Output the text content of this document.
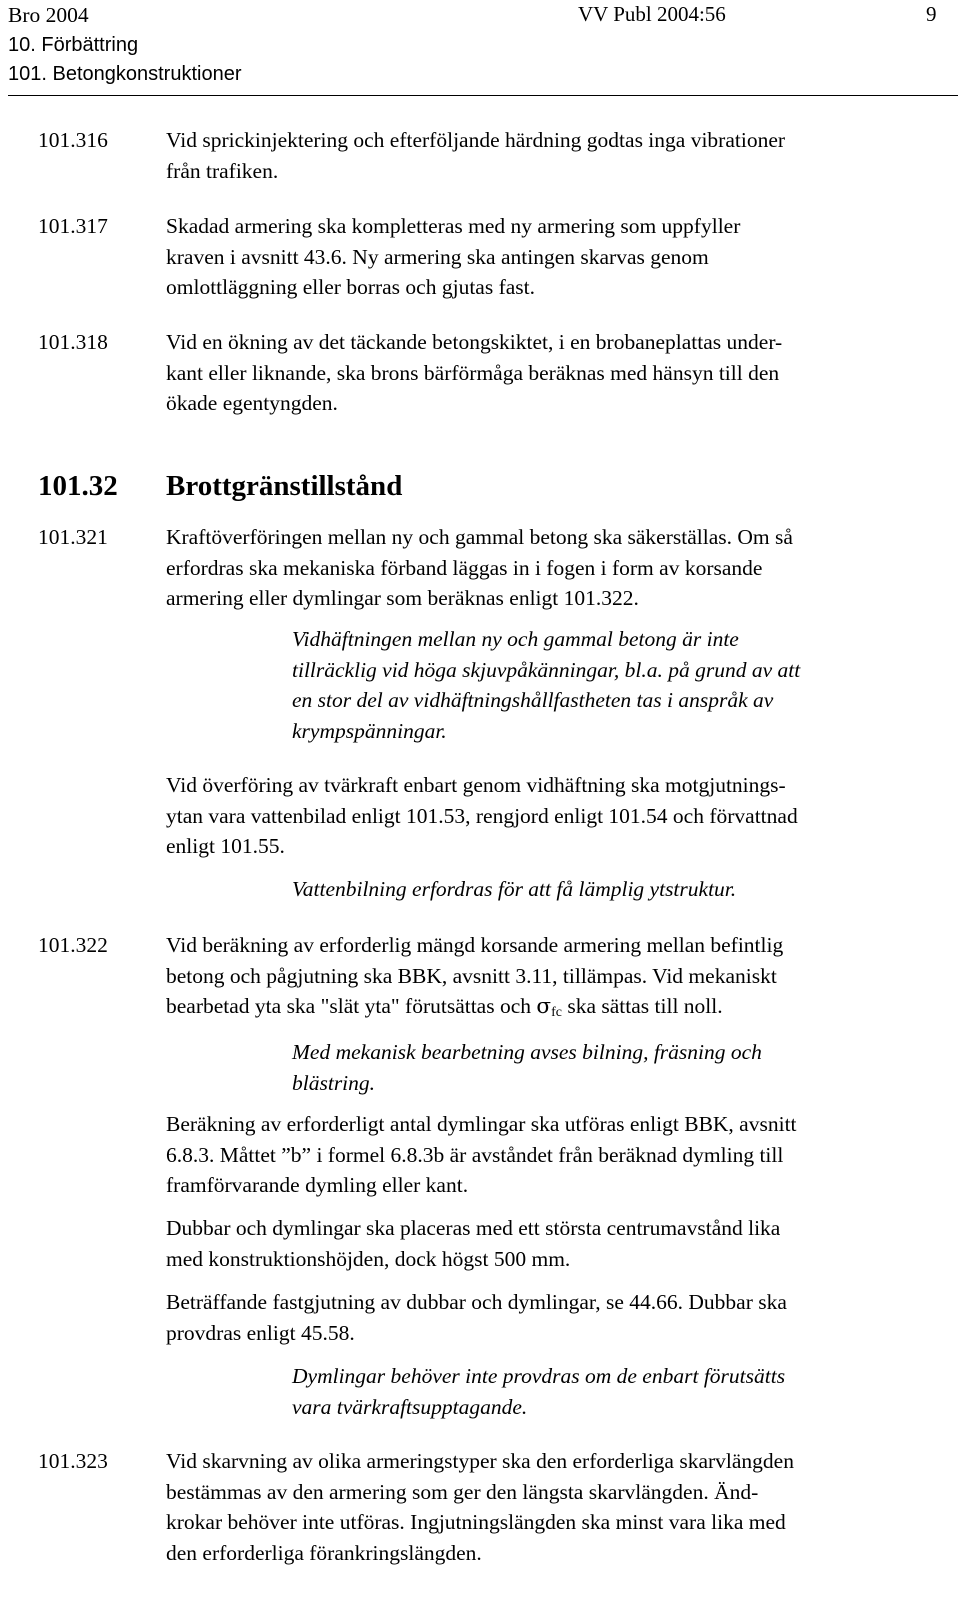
Bro 2004
10. Förbättring
101. Betongkonstruktioner
VV Publ 2004:56	9
101.316	Vid sprickinjektering och efterföljande härdning godtas inga vibrationer

från trafiken.

101.317	Skadad armering ska kompletteras med ny armering som uppfyller

kraven i avsnitt 43.6. Ny armering ska antingen skarvas genom

omlottläggning eller borras och gjutas fast.

101.318	Vid en ökning av det täckande betongskiktet, i en brobaneplattas under-

kant eller liknande, ska brons bärförmåga beräknas med hänsyn till den

ökade egentyngden.

101.32 Brottgränstillstånd
101.321	Kraftöverföringen mellan ny och gammal betong ska säkerställas. Om så

erfordras ska mekaniska förband läggas in i fogen i form av korsande

armering eller dymlingar som beräknas enligt 101.322.

Vidhäftningen mellan ny och gammal betong är inte
tillräcklig vid höga skjuvpåkänningar, bl.a. på grund av att
en stor del av vidhäftningshållfastheten tas i anspråk av
krympspänningar.

Vid överföring av tvärkraft enbart genom vidhäftning ska motgjutnings-

ytan vara vattenbilad enligt 101.53, rengjord enligt 101.54 och förvattnad

enligt 101.55.

Vattenbilning erfordras för att få lämplig ytstruktur.
101.322	Vid beräkning av erforderlig mängd korsande armering mellan befintlig

betong och pågjutning ska BBK, avsnitt 3.11, tillämpas. Vid mekaniskt

bearbetad yta ska "slät yta" förutsättas och $\sigma_{fc}$ ska sättas till noll.

Med mekanisk bearbetning avses bilning, fräsning och
blästring.

Beräkning av erforderligt antal dymlingar ska utföras enligt BBK, avsnitt

6.8.3. Måttet ”b” i formel 6.8.3b är avståndet från beräknad dymling till

framförvarande dymling eller kant.

Dubbar och dymlingar ska placeras med ett största centrumavstånd lika

med konstruktionshöjden, dock högst 500 mm.

Beträffande fastgjutning av dubbar och dymlingar, se 44.66. Dubbar ska

provdras enligt 45.58.

Dymlingar behöver inte provdras om de enbart förutsätts
vara tvärkraftsupptagande.
101.323	Vid skarvning av olika armeringstyper ska den erforderliga skarvlängden

bestämmas av den armering som ger den längsta skarvlängden. Änd-

krokar behöver inte utföras. Ingjutningslängden ska minst vara lika med

den erforderliga förankringslängden.
